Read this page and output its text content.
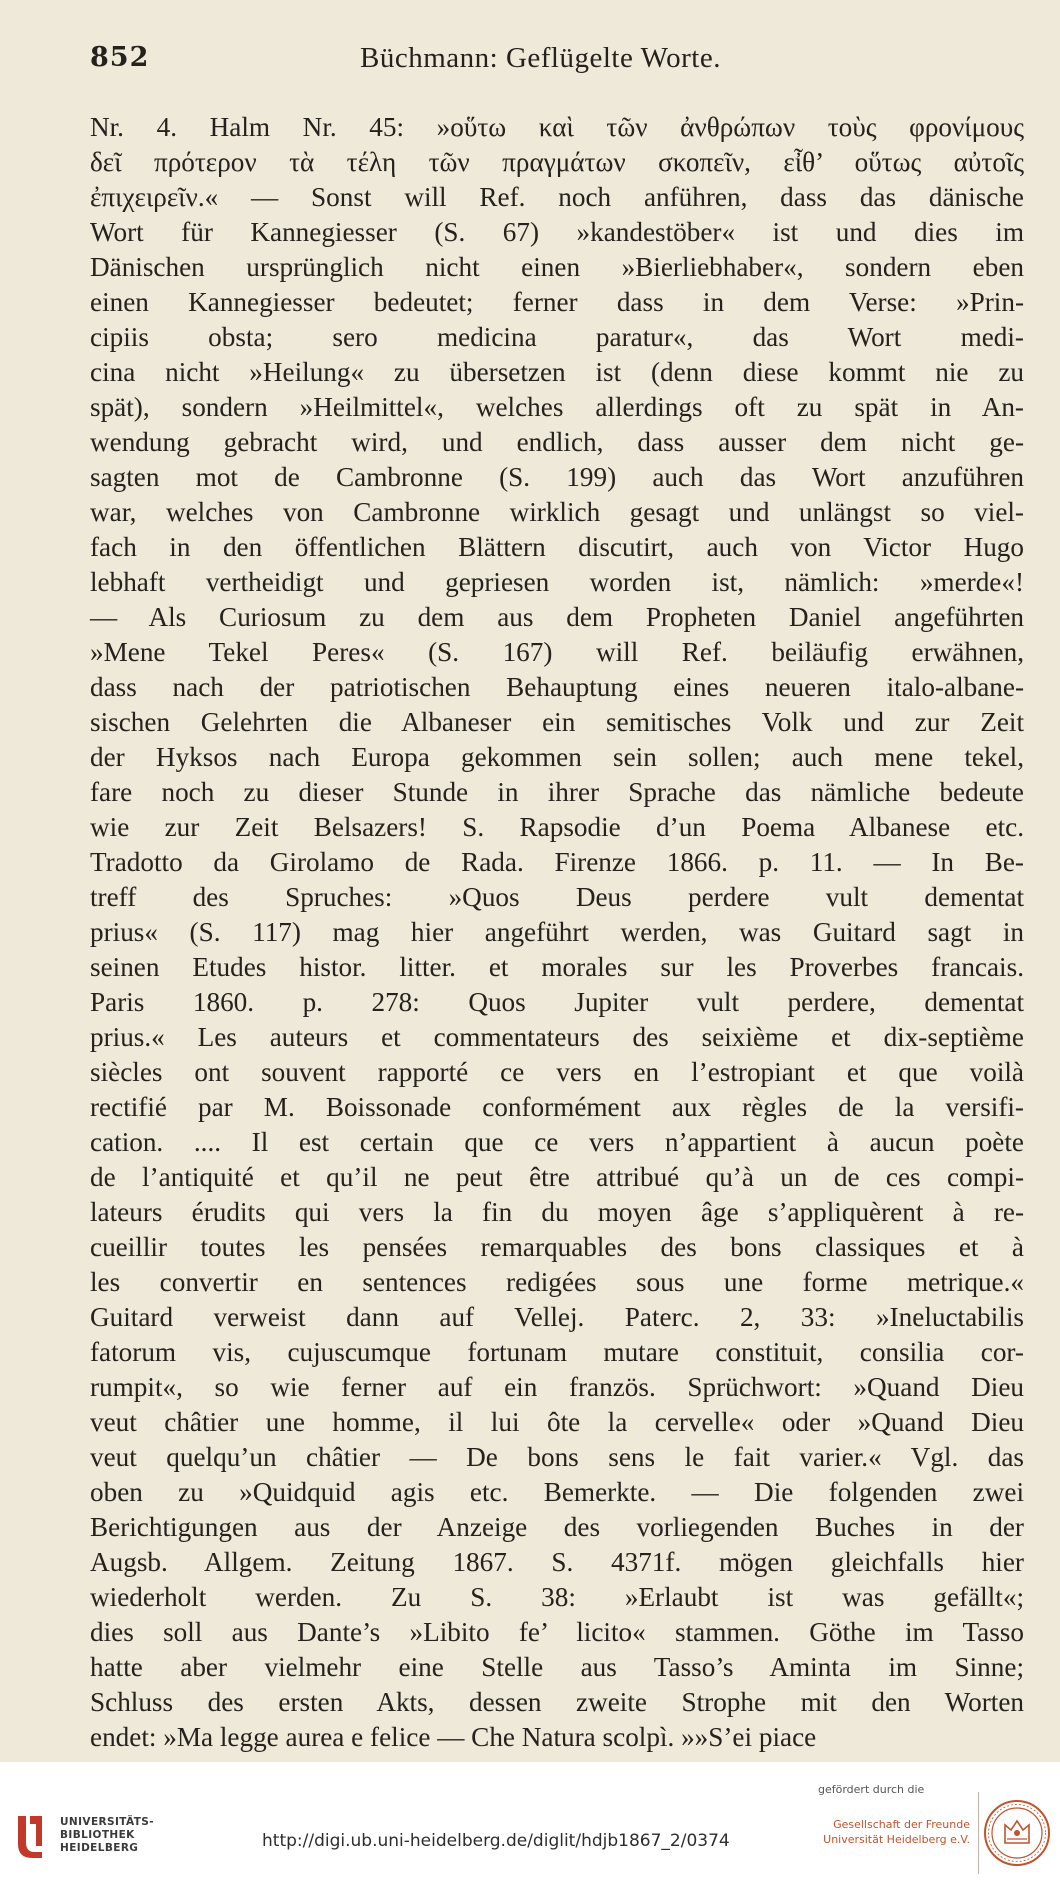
852	Büchmann: Geflügelte Worte.
Nr. 4. Halm Nr. 45: »οὕτω καὶ τῶν ἀνθρώπων τοὺς φρονίμους
δεῖ πρότερον τὰ τέλη τῶν πραγμάτων σκοπεῖν, εἶθ’ οὕτως αὐτοῖς
ἐπιχειρεῖν.« — Sonst will Ref. noch anführen, dass das dänische
Wort für Kannegiesser (S. 67) »kandestöber« ist und dies im
Dänischen ursprünglich nicht einen »Bierliebhaber«, sondern eben
einen Kannegiesser bedeutet; ferner dass in dem Verse: »Prin-
cipiis obsta; sero medicina paratur«, das Wort medi-
cina nicht »Heilung« zu übersetzen ist (denn diese kommt nie zu
spät), sondern »Heilmittel«, welches allerdings oft zu spät in An-
wendung gebracht wird, und endlich, dass ausser dem nicht ge-
sagten mot de Cambronne (S. 199) auch das Wort anzuführen
war, welches von Cambronne wirklich gesagt und unlängst so viel-
fach in den öffentlichen Blättern discutirt, auch von Victor Hugo
lebhaft vertheidigt und gepriesen worden ist, nämlich: »merde«!
— Als Curiosum zu dem aus dem Propheten Daniel angeführten
»Mene Tekel Peres« (S. 167) will Ref. beiläufig erwähnen,
dass nach der patriotischen Behauptung eines neueren italo-albane-
sischen Gelehrten die Albaneser ein semitisches Volk und zur Zeit
der Hyksos nach Europa gekommen sein sollen; auch mene tekel,
fare noch zu dieser Stunde in ihrer Sprache das nämliche bedeute
wie zur Zeit Belsazers! S. Rapsodie d’un Poema Albanese etc.
Tradotto da Girolamo de Rada. Firenze 1866. p. 11. — In Be-
treff des Spruches: »Quos Deus perdere vult dementat
prius« (S. 117) mag hier angeführt werden, was Guitard sagt in
seinen Etudes histor. litter. et morales sur les Proverbes francais.
Paris 1860. p. 278: Quos Jupiter vult perdere, dementat
prius.« Les auteurs et commentateurs des seixième et dix-septième
siècles ont souvent rapporté ce vers en l’estropiant et que voilà
rectifié par M. Boissonade conformément aux règles de la versifi-
cation. .... Il est certain que ce vers n’appartient à aucun poète
de l’antiquité et qu’il ne peut être attribué qu’à un de ces compi-
lateurs érudits qui vers la fin du moyen âge s’appliquèrent à re-
cueillir toutes les pensées remarquables des bons classiques et à
les convertir en sentences redigées sous une forme metrique.«
Guitard verweist dann auf Vellej. Paterc. 2, 33: »Ineluctabilis
fatorum vis, cujuscumque fortunam mutare constituit, consilia cor-
rumpit«, so wie ferner auf ein französ. Sprüchwort: »Quand Dieu
veut châtier une homme, il lui ôte la cervelle« oder »Quand Dieu
veut quelqu’un châtier — De bons sens le fait varier.« Vgl. das
oben zu »Quidquid agis etc. Bemerkte. — Die folgenden zwei
Berichtigungen aus der Anzeige des vorliegenden Buches in der
Augsb. Allgem. Zeitung 1867. S. 4371f. mögen gleichfalls hier
wiederholt werden. Zu S. 38: »Erlaubt ist was gefällt«;
dies soll aus Dante’s »Libito fe’ licito« stammen. Göthe im Tasso
hatte aber vielmehr eine Stelle aus Tasso’s Aminta im Sinne;
Schluss des ersten Akts, dessen zweite Strophe mit den Worten
endet: »Ma legge aurea e felice — Che Natura scolpì. »»S’ei piace
UNIVERSITÄTS-
BIBLIOTHEK
HEIDELBERG	http://digi.ub.uni-heidelberg.de/diglit/hdjb1867_2/0374
gefördert durch die
Gesellschaft der Freunde
Universität Heidelberg e.V.
